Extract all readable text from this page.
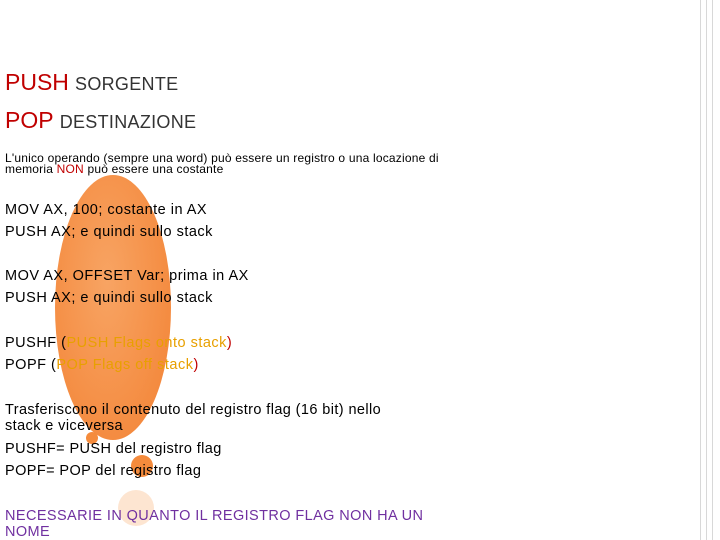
PUSH SORGENTE
POP DESTINAZIONE
L'unico operando (sempre una word) può essere un registro o una locazione di
memoria NON può essere una costante
MOV AX, 100; costante in AX
PUSH AX; e quindi sullo stack
MOV AX, OFFSET Var; prima in AX
PUSH AX; e quindi sullo stack
PUSHF (PUSH Flags onto stack)
POPF (POP Flags off stack)
Trasferiscono il contenuto del registro flag (16 bit) nello
stack e viceversa
PUSHF= PUSH del registro flag
POPF= POP del registro flag
NECESSARIE IN QUANTO IL REGISTRO FLAG NON HA UN
NOME
